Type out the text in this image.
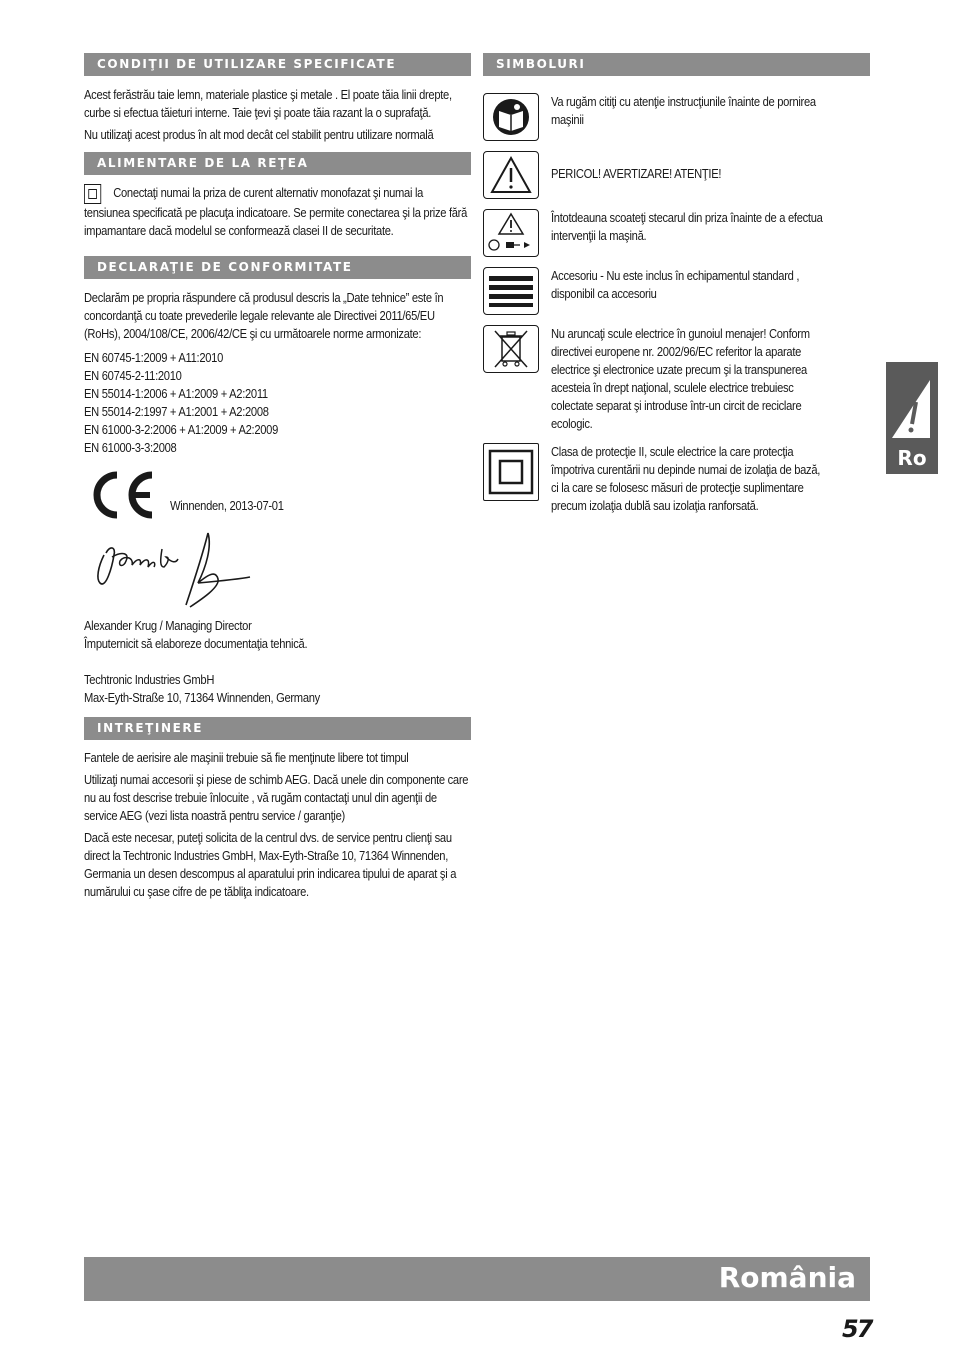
CONDIŢII DE UTILIZARE SPECIFICATE

Acest ferăstrău taie lemn, materiale plastice şi metale . El poate tăia linii drepte, curbe si efectua tăieturi interne. Taie ţevi şi poate tăia razant la o suprafaţă.

Nu utilizaţi acest produs în alt mod decât cel stabilit pentru utilizare normală

ALIMENTARE DE LA REŢEA

Conectaţi numai la priza de curent alternativ monofazat şi numai la tensiunea specificată pe placuţa indicatoare. Se permite conectarea şi la prize fără impamantare dacă modelul se conformează clasei II de securitate.

DECLARAŢIE DE CONFORMITATE

Declarăm pe propria răspundere că produsul descris la „Date tehnice” este în concordanţă cu toate prevederile legale relevante ale Directivei 2011/65/EU (RoHs), 2004/108/CE, 2006/42/CE şi cu următoarele norme armonizate:

EN 60745-1:2009 + A11:2010

EN 60745-2-11:2010

EN 55014-1:2006 + A1:2009 + A2:2011

EN 55014-2:1997 + A1:2001 + A2:2008

EN 61000-3-2:2006 + A1:2009 + A2:2009

EN 61000-3-3:2008

Winnenden, 2013-07-01

Alexander Krug / Managing Director

Împuternicit să elaboreze documentaţia tehnică.

Techtronic Industries GmbH

Max-Eyth-Straße 10, 71364 Winnenden, Germany

INTREŢINERE

Fantele de aerisire ale maşinii trebuie să fie menţinute libere tot timpul

Utilizaţi numai accesorii şi piese de schimb AEG. Dacă unele din componente care nu au fost descrise trebuie înlocuite , vă rugăm contactaţi unul din agenţii de service AEG (vezi lista noastră pentru service / garanţie)

Dacă este necesar, puteţi solicita de la centrul dvs. de service pentru clienţi sau direct la Techtronic Industries GmbH, Max-Eyth-Straße 10, 71364 Winnenden, Germania un desen descompus al aparatului prin indicarea tipului de aparat şi a numărului cu şase cifre de pe tăbliţa indicatoare.

SIMBOLURI
Va rugăm citiţi cu atenţie instrucţiunile înainte de pornirea maşinii
PERICOL! AVERTIZARE! ATENŢIE!
Întotdeauna scoateţi stecarul din priza înainte de a efectua intervenţii la maşină.
Accesoriu - Nu este inclus în echipamentul standard , disponibil ca accesoriu
Nu aruncaţi scule electrice în gunoiul menajer! Conform directivei europene nr. 2002/96/EC referitor la aparate electrice şi electronice uzate precum şi la transpunerea acesteia în drept naţional, sculele electrice trebuiesc colectate separat şi introduse într-un circit de reciclare ecologic.
Clasa de protecţie II, scule electrice la care protecţia împotriva curentării nu depinde numai de izolaţia de bază, ci la care se folosesc măsuri de protecţie suplimentare precum izolaţia dublă sau izolaţia ranforsată.
Ro
România
57
